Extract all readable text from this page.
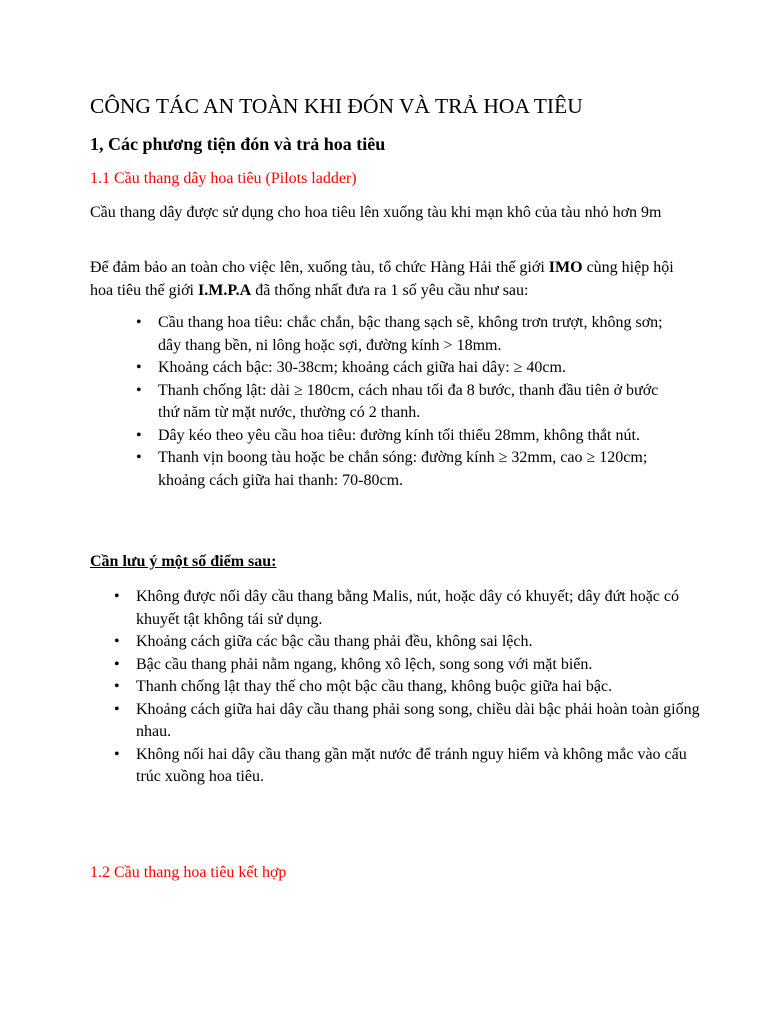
CÔNG TÁC AN TOÀN KHI ĐÓN VÀ TRẢ HOA TIÊU
1, Các phương tiện đón và trả hoa tiêu
1.1 Cầu thang dây hoa tiêu (Pilots ladder)

Cầu thang dây được sử dụng cho hoa tiêu lên xuống tàu khi mạn khô của tàu nhỏ hơn 9m

Để đảm bảo an toàn cho việc lên, xuống tàu, tổ chức Hàng Hải thế giới IMO cùng hiệp hội hoa tiêu thế giới I.M.P.A đã thống nhất đưa ra 1 số yêu cầu như sau:

• Cầu thang hoa tiêu: chắc chắn, bậc thang sạch sẽ, không trơn trượt, không sơn; dây thang bền, ni lông hoặc sợi, đường kính > 18mm.
• Khoảng cách bậc: 30-38cm; khoảng cách giữa hai dây: ≥ 40cm.
• Thanh chống lật: dài ≥ 180cm, cách nhau tối đa 8 bước, thanh đầu tiên ở bước thứ năm từ mặt nước, thường có 2 thanh.
• Dây kéo theo yêu cầu hoa tiêu: đường kính tối thiểu 28mm, không thắt nút.
• Thanh vịn boong tàu hoặc be chắn sóng: đường kính ≥ 32mm, cao ≥ 120cm; khoảng cách giữa hai thanh: 70-80cm.

Cần lưu ý một số điểm sau:

• Không được nối dây cầu thang bằng Malis, nút, hoặc dây có khuyết; dây đứt hoặc có khuyết tật không tái sử dụng.
• Khoảng cách giữa các bậc cầu thang phải đều, không sai lệch.
• Bậc cầu thang phải nằm ngang, không xô lệch, song song với mặt biển.
• Thanh chống lật thay thế cho một bậc cầu thang, không buộc giữa hai bậc.
• Khoảng cách giữa hai dây cầu thang phải song song, chiều dài bậc phải hoàn toàn giống nhau.
• Không nối hai dây cầu thang gần mặt nước để tránh nguy hiểm và không mắc vào cấu trúc xuồng hoa tiêu.
1.2 Cầu thang hoa tiêu kết hợp
